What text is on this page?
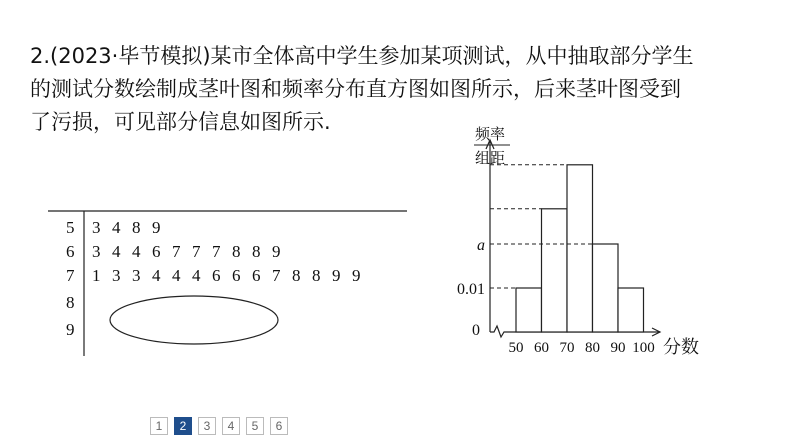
2.(2023·毕节模拟)某市全体高中学生参加某项测试，从中抽取部分学生
的测试分数绘制成茎叶图和频率分布直方图如图所示，后来茎叶图受到
了污损，可见部分信息如图所示.
5	3 4 8 9
6	3 4 4 6 7 7 7 8 8 9
7	1 3 3 4 4 4 6 6 6 7 8 8 9 9
8
9
a
0.01
0
频率
组距
50 60 70 80 90 100 分数
1	2	3	4	5	6
